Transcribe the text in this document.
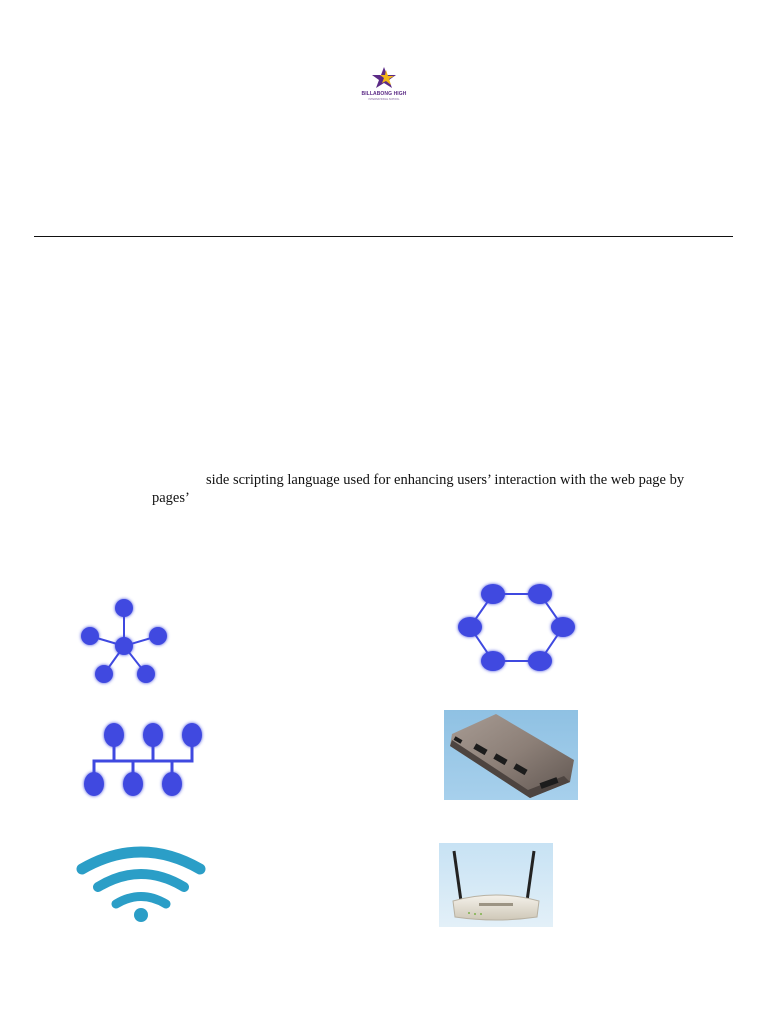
BILLABONG HIGH
INTERNATIONAL SCHOOL
side scripting language used for enhancing users’ interaction with the web page by
pages’
